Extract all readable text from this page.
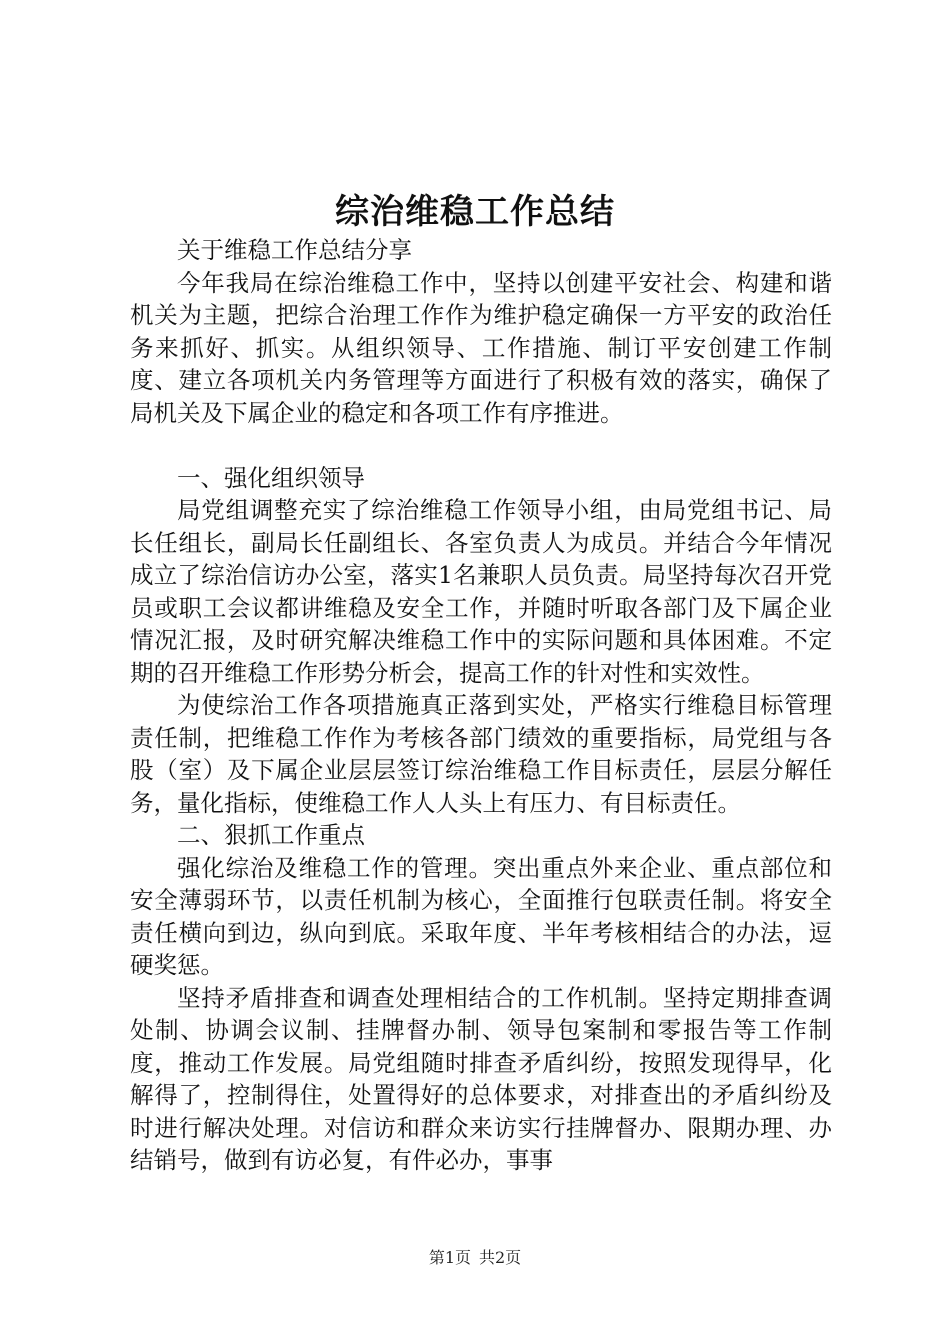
综治维稳工作总结

关于维稳工作总结分享

今年我局在综治维稳工作中，坚持以创建平安社会、构建和谐机关为主题，把综合治理工作作为维护稳定确保一方平安的政治任务来抓好、抓实。从组织领导、工作措施、制订平安创建工作制度、建立各项机关内务管理等方面进行了积极有效的落实，确保了局机关及下属企业的稳定和各项工作有序推进。

一、强化组织领导

局党组调整充实了综治维稳工作领导小组，由局党组书记、局长任组长，副局长任副组长、各室负责人为成员。并结合今年情况成立了综治信访办公室，落实1名兼职人员负责。局坚持每次召开党员或职工会议都讲维稳及安全工作，并随时听取各部门及下属企业情况汇报，及时研究解决维稳工作中的实际问题和具体困难。不定期的召开维稳工作形势分析会，提高工作的针对性和实效性。

为使综治工作各项措施真正落到实处，严格实行维稳目标管理责任制，把维稳工作作为考核各部门绩效的重要指标，局党组与各股（室）及下属企业层层签订综治维稳工作目标责任，层层分解任务，量化指标，使维稳工作人人头上有压力、有目标责任。

二、狠抓工作重点

强化综治及维稳工作的管理。突出重点外来企业、重点部位和安全薄弱环节，以责任机制为核心，全面推行包联责任制。将安全责任横向到边，纵向到底。采取年度、半年考核相结合的办法，逗硬奖惩。

坚持矛盾排查和调查处理相结合的工作机制。坚持定期排查调处制、协调会议制、挂牌督办制、领导包案制和零报告等工作制度，推动工作发展。局党组随时排查矛盾纠纷，按照发现得早，化解得了，控制得住，处置得好的总体要求，对排查出的矛盾纠纷及时进行解决处理。对信访和群众来访实行挂牌督办、限期办理、办结销号，做到有访必复，有件必办，事事

第1页 共2页
